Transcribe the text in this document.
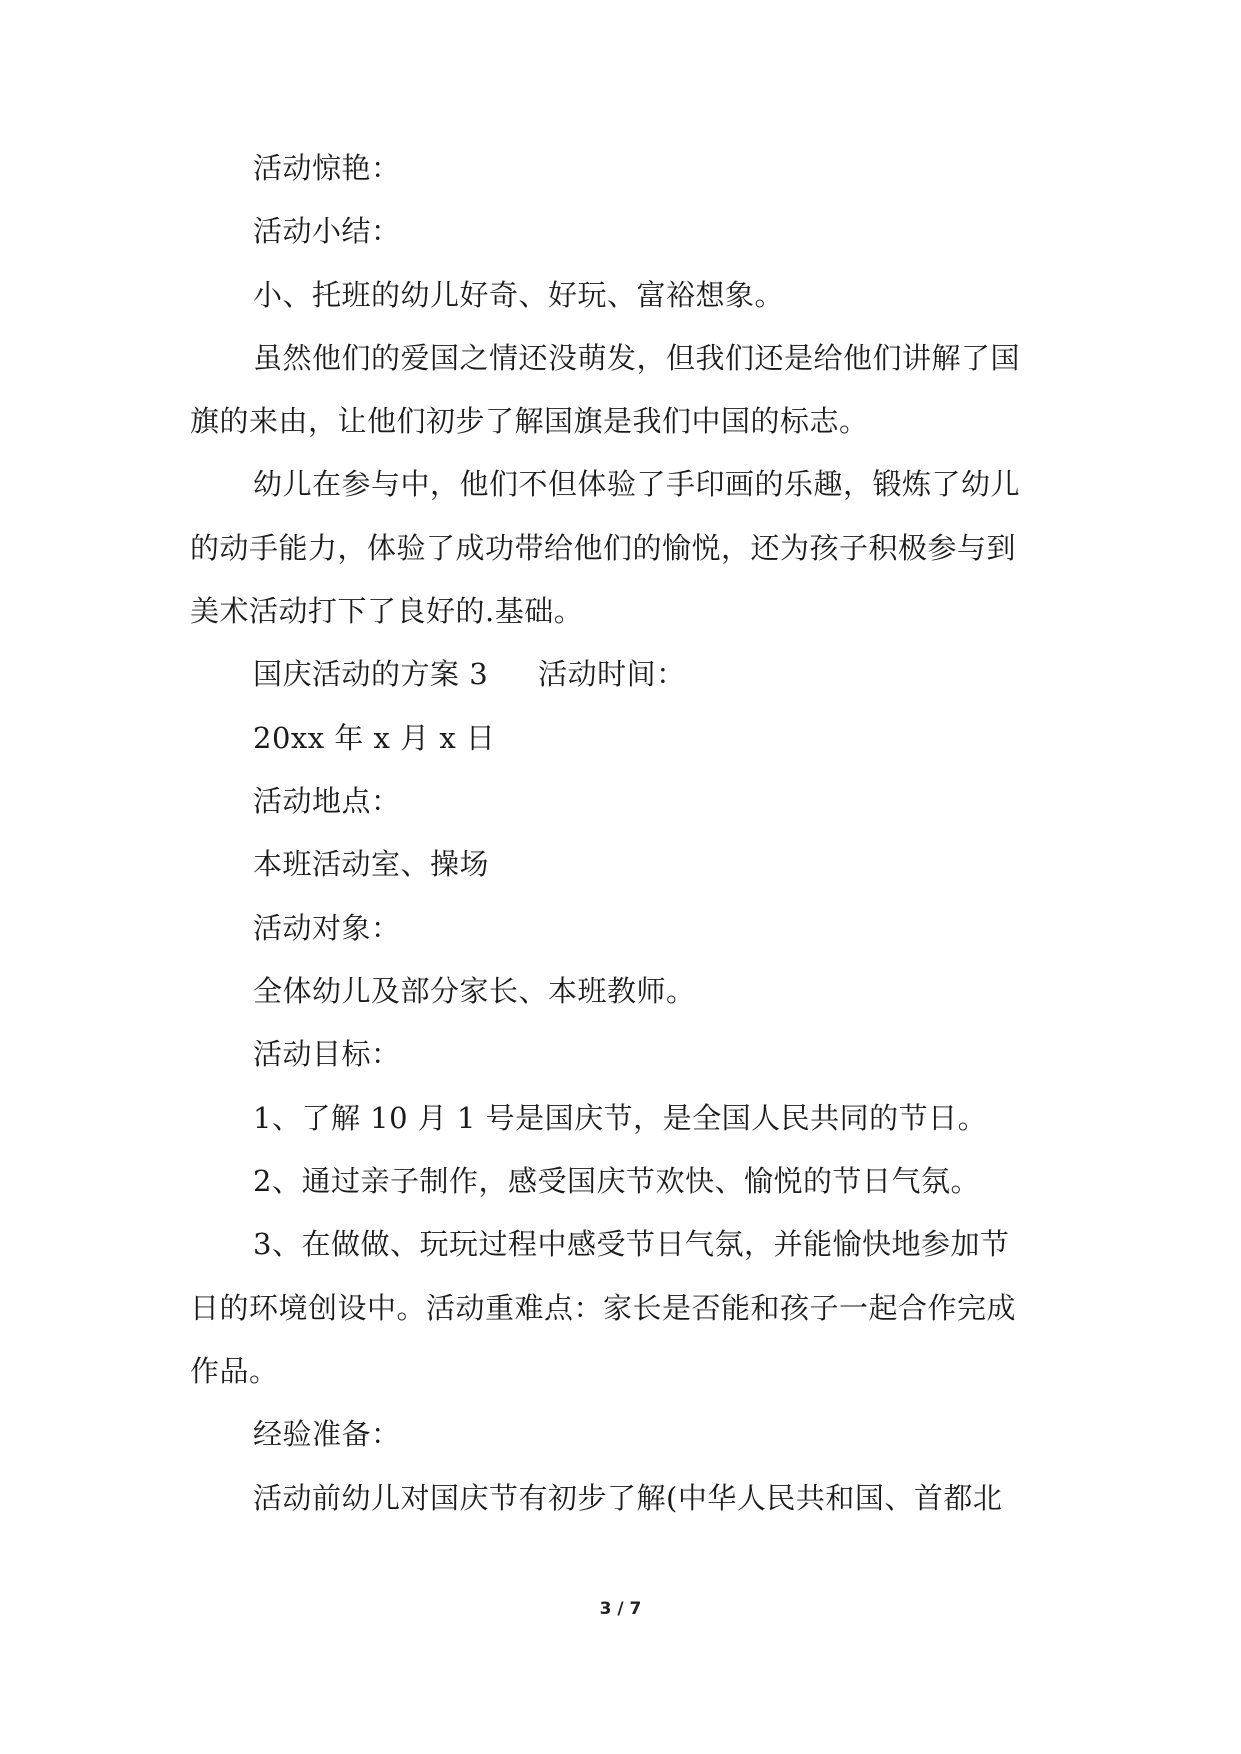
活动惊艳：
活动小结：
小、托班的幼儿好奇、好玩、富裕想象。
虽然他们的爱国之情还没萌发，但我们还是给他们讲解了国
旗的来由，让他们初步了解国旗是我们中国的标志。
幼儿在参与中，他们不但体验了手印画的乐趣，锻炼了幼儿
的动手能力，体验了成功带给他们的愉悦，还为孩子积极参与到
美术活动打下了良好的.基础。
国庆活动的方案 3 活动时间：
20xx 年 x 月 x 日
活动地点：
本班活动室、操场
活动对象：
全体幼儿及部分家长、本班教师。
活动目标：
1、了解 10 月 1 号是国庆节，是全国人民共同的节日。
2、通过亲子制作，感受国庆节欢快、愉悦的节日气氛。
3、在做做、玩玩过程中感受节日气氛，并能愉快地参加节
日的环境创设中。活动重难点：家长是否能和孩子一起合作完成
作品。
经验准备：
活动前幼儿对国庆节有初步了解(中华人民共和国、首都北
3 / 7
